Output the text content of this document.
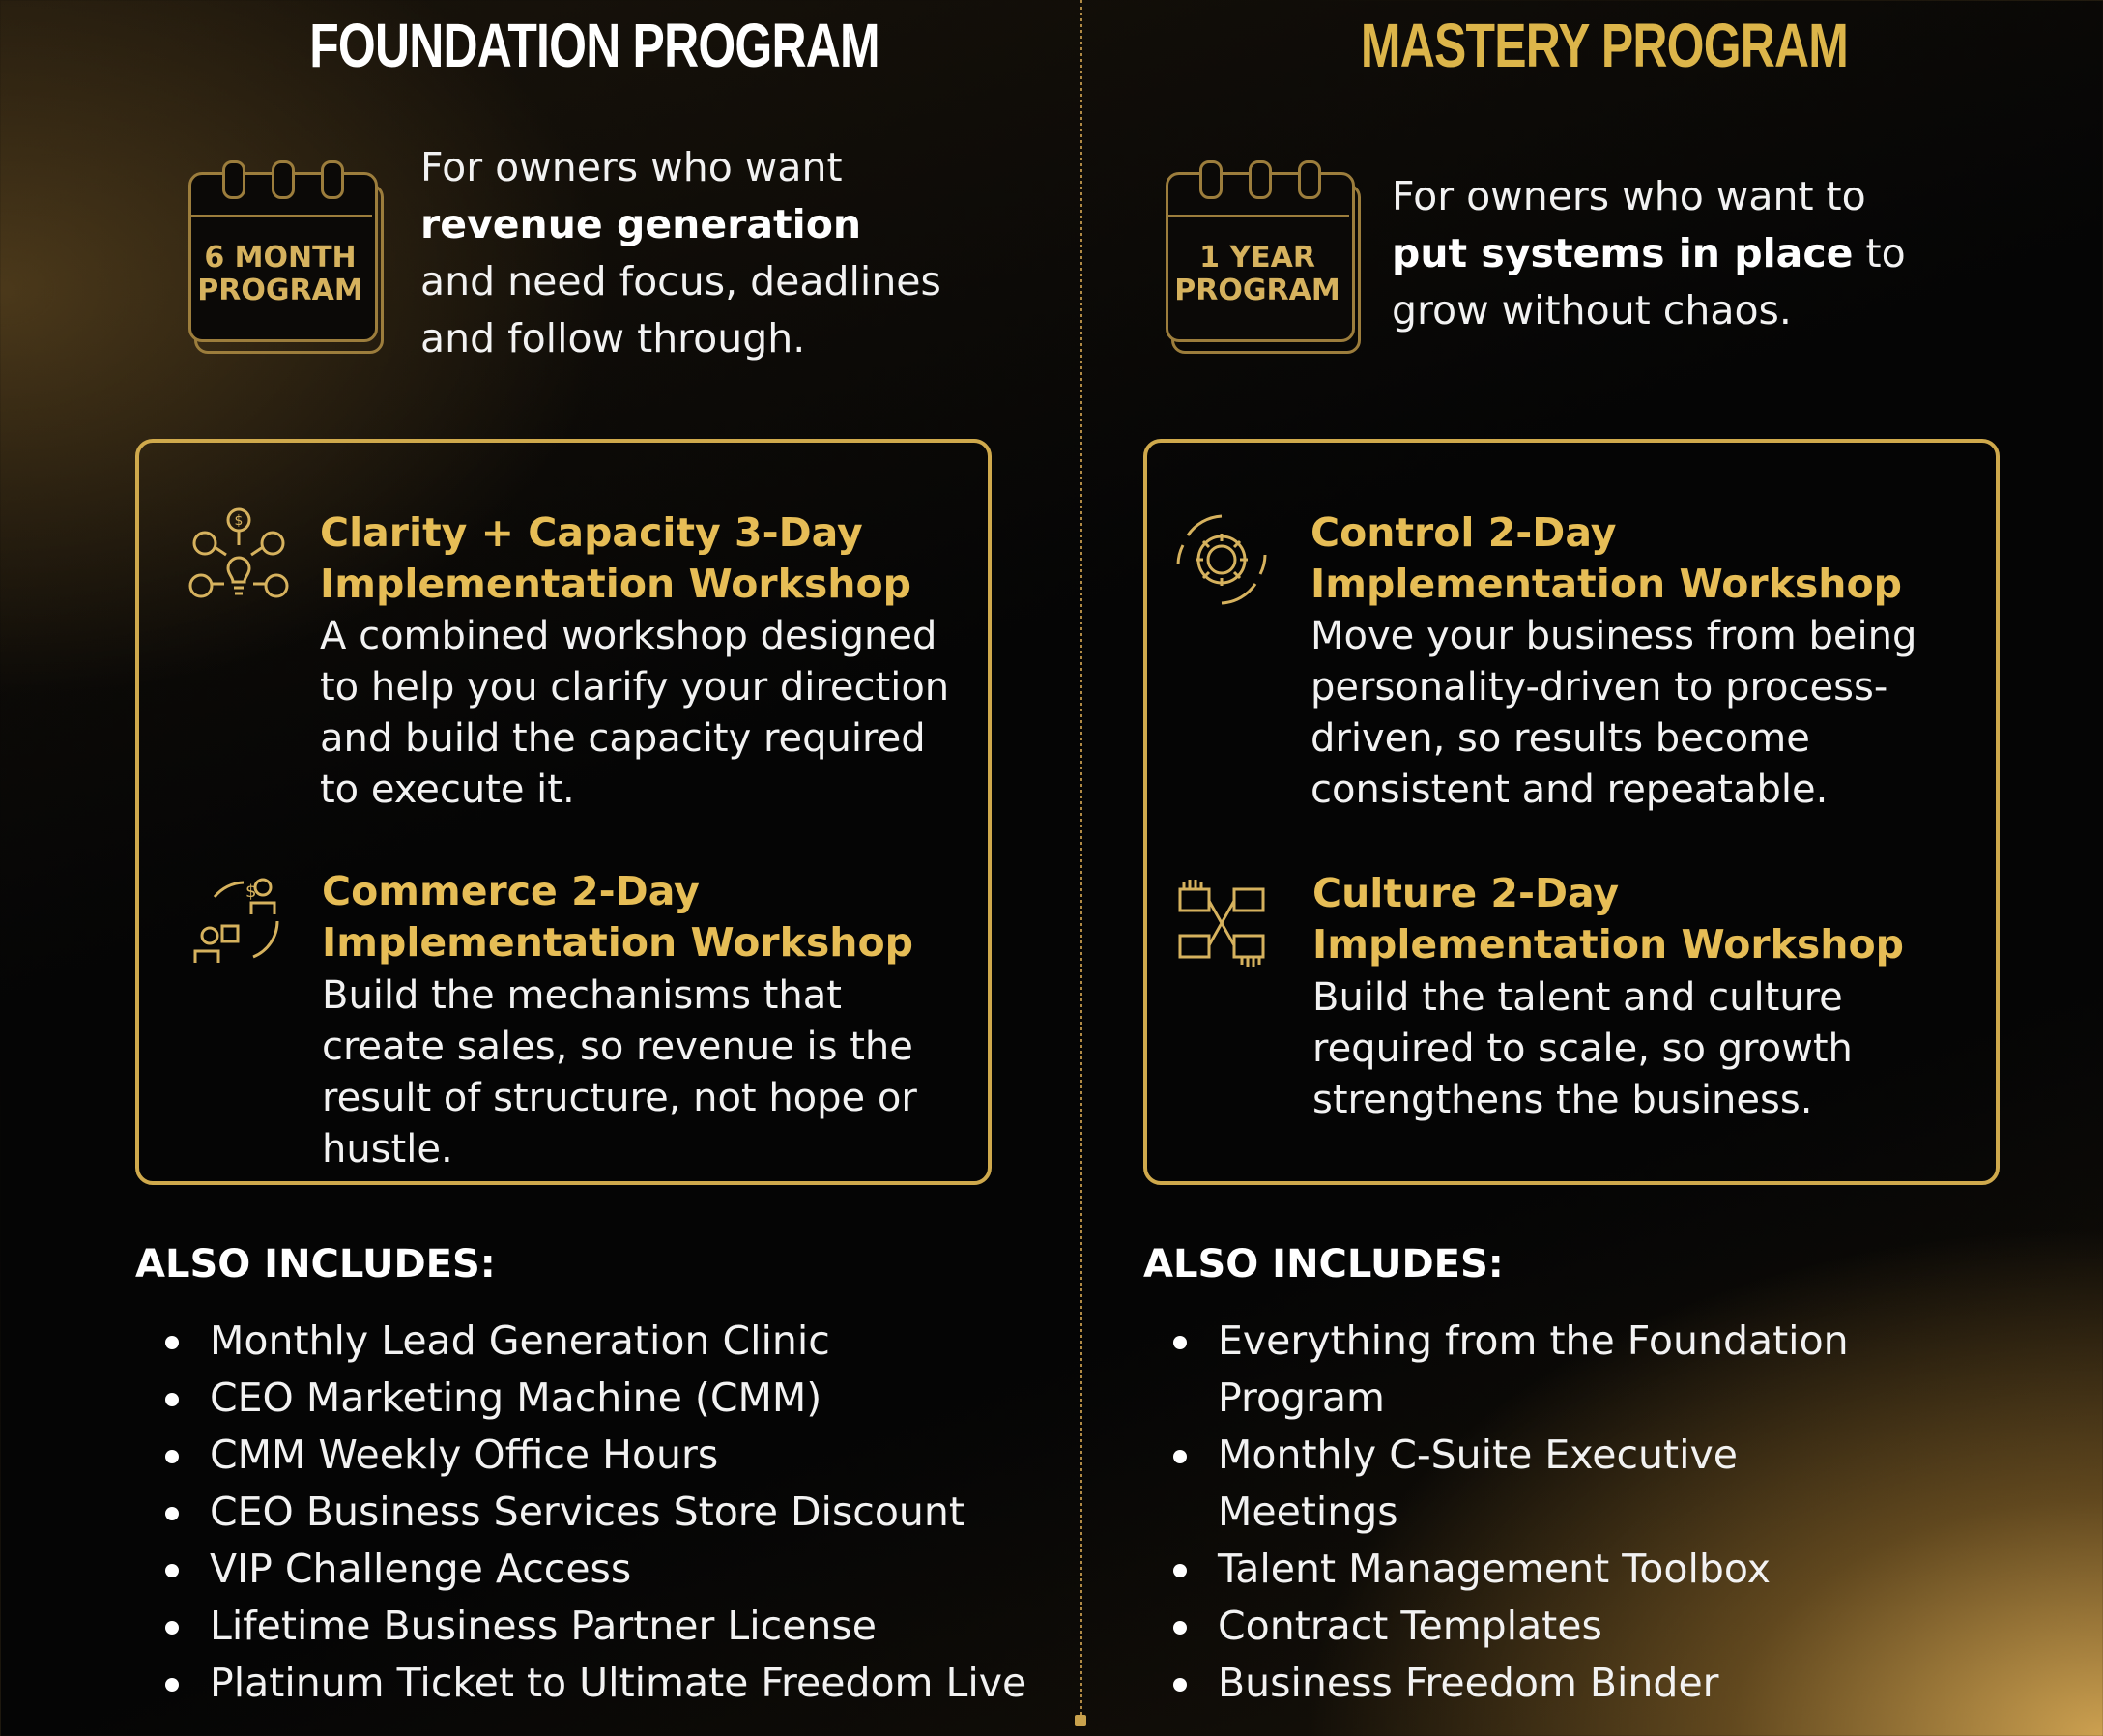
FOUNDATION PROGRAM
6 MONTH
PROGRAM
For owners who want
revenue generation
and need focus, deadlines and follow through.
$ Clarity + Capacity 3-Day
Implementation Workshop
A combined workshop designed to help you clarify your direction and build the capacity required to execute it.
$ Commerce 2-Day
Implementation Workshop
Build the mechanisms that create sales, so revenue is the result of structure, not hope or hustle.
ALSO INCLUDES:
Monthly Lead Generation Clinic
CEO Marketing Machine (CMM)
CMM Weekly Office Hours
CEO Business Services Store Discount
VIP Challenge Access
Lifetime Business Partner License
Platinum Ticket to Ultimate Freedom Live
MASTERY PROGRAM
1 YEAR
PROGRAM
For owners who want to
put systems in place to grow without chaos.
Control 2-Day
Implementation Workshop
Move your business from being personality-driven to process-driven, so results become consistent and repeatable.
Culture 2-Day
Implementation Workshop
Build the talent and culture required to scale, so growth strengthens the business.
ALSO INCLUDES:
Everything from the Foundation Program
Monthly C-Suite Executive Meetings
Talent Management Toolbox
Contract Templates
Business Freedom Binder
